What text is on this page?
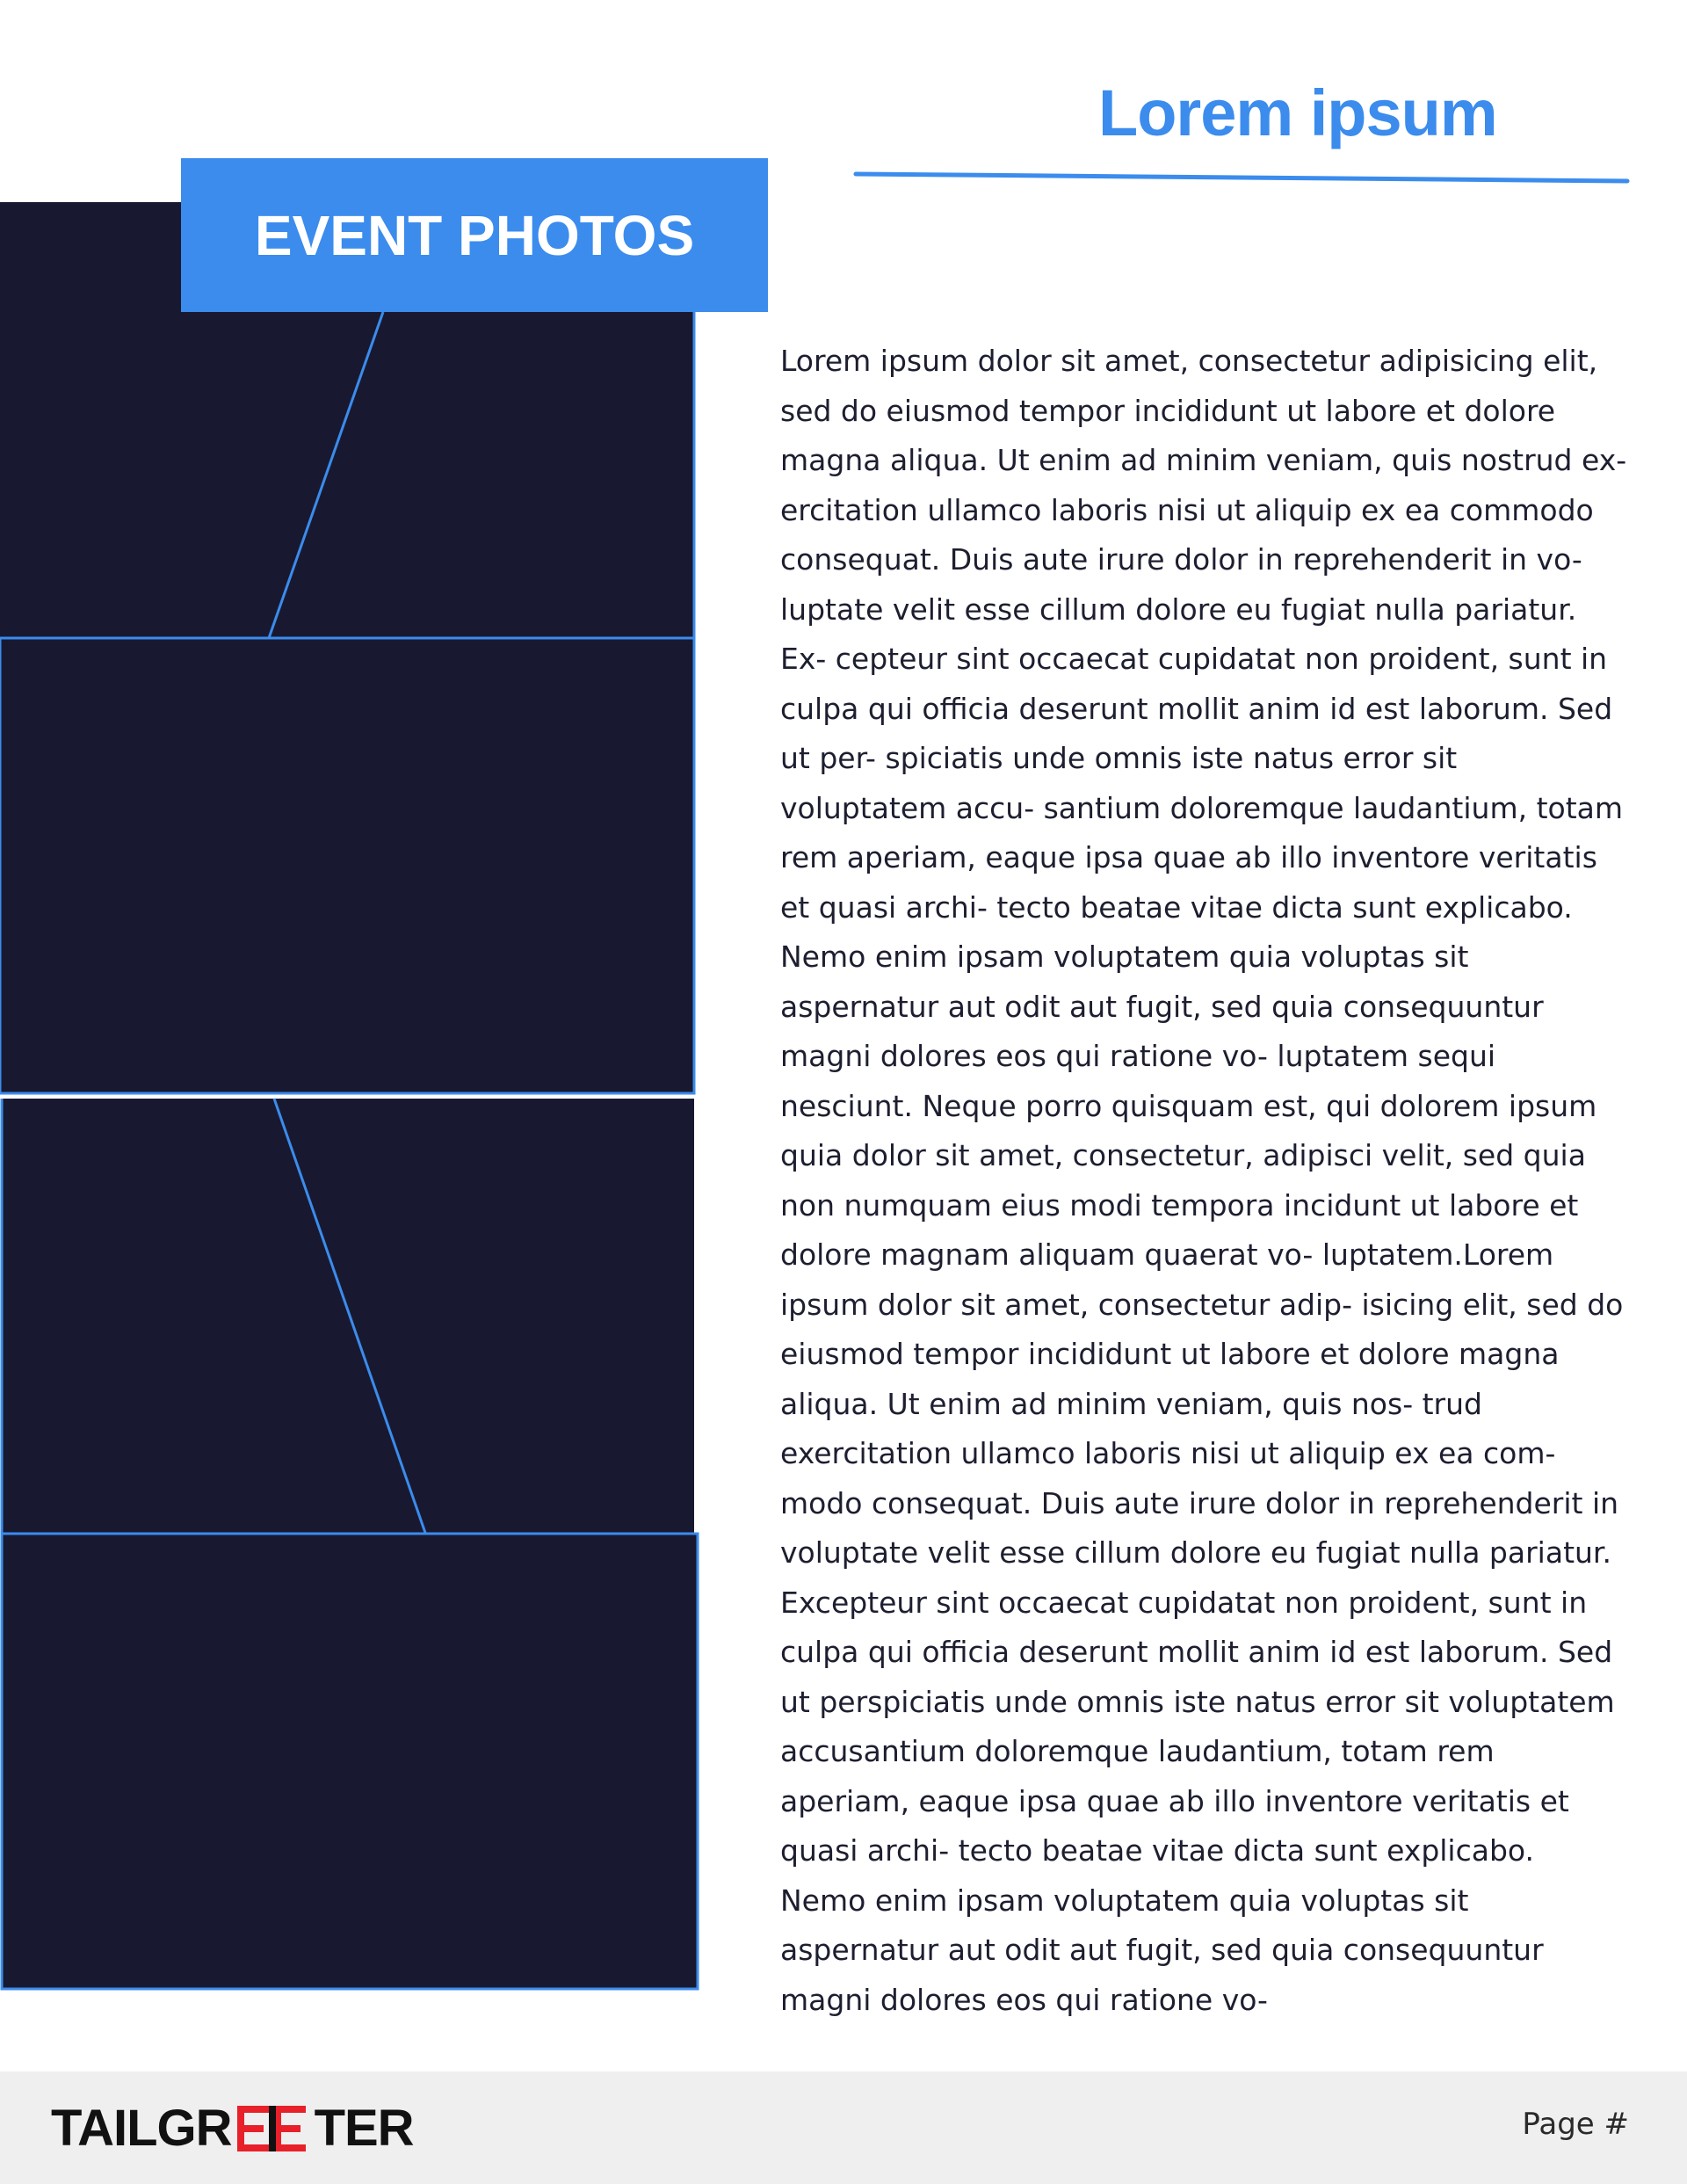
Lorem ipsum
EVENT PHOTOS

Lorem ipsum dolor sit amet, consectetur adipisicing elit, sed do eiusmod tempor incididunt ut labore et dolore magna aliqua. Ut enim ad minim veniam, quis nostrud ex- ercitation ullamco laboris nisi ut aliquip ex ea commodo consequat. Duis aute irure dolor in reprehenderit in vo- luptate velit esse cillum dolore eu fugiat nulla pariatur. Ex- cepteur sint occaecat cupidatat non proident, sunt in culpa qui officia deserunt mollit anim id est laborum. Sed ut per- spiciatis unde omnis iste natus error sit voluptatem accu- santium doloremque laudantium, totam rem aperiam, eaque ipsa quae ab illo inventore veritatis et quasi archi- tecto beatae vitae dicta sunt explicabo. Nemo enim ipsam voluptatem quia voluptas sit aspernatur aut odit aut fugit, sed quia consequuntur magni dolores eos qui ratione vo- luptatem sequi nesciunt. Neque porro quisquam est, qui dolorem ipsum quia dolor sit amet, consectetur, adipisci velit, sed quia non numquam eius modi tempora incidunt ut labore et dolore magnam aliquam quaerat vo- luptatem.Lorem ipsum dolor sit amet, consectetur adip- isicing elit, sed do eiusmod tempor incididunt ut labore et dolore magna aliqua. Ut enim ad minim veniam, quis nos- trud exercitation ullamco laboris nisi ut aliquip ex ea com- modo consequat. Duis aute irure dolor in reprehenderit in voluptate velit esse cillum dolore eu fugiat nulla pariatur. Excepteur sint occaecat cupidatat non proident, sunt in culpa qui officia deserunt mollit anim id est laborum. Sed ut perspiciatis unde omnis iste natus error sit voluptatem accusantium doloremque laudantium, totam rem aperiam, eaque ipsa quae ab illo inventore veritatis et quasi archi- tecto beatae vitae dicta sunt explicabo. Nemo enim ipsam voluptatem quia voluptas sit aspernatur aut odit aut fugit, sed quia consequuntur magni dolores eos qui ratione vo-

TAILGR TER	Page #
